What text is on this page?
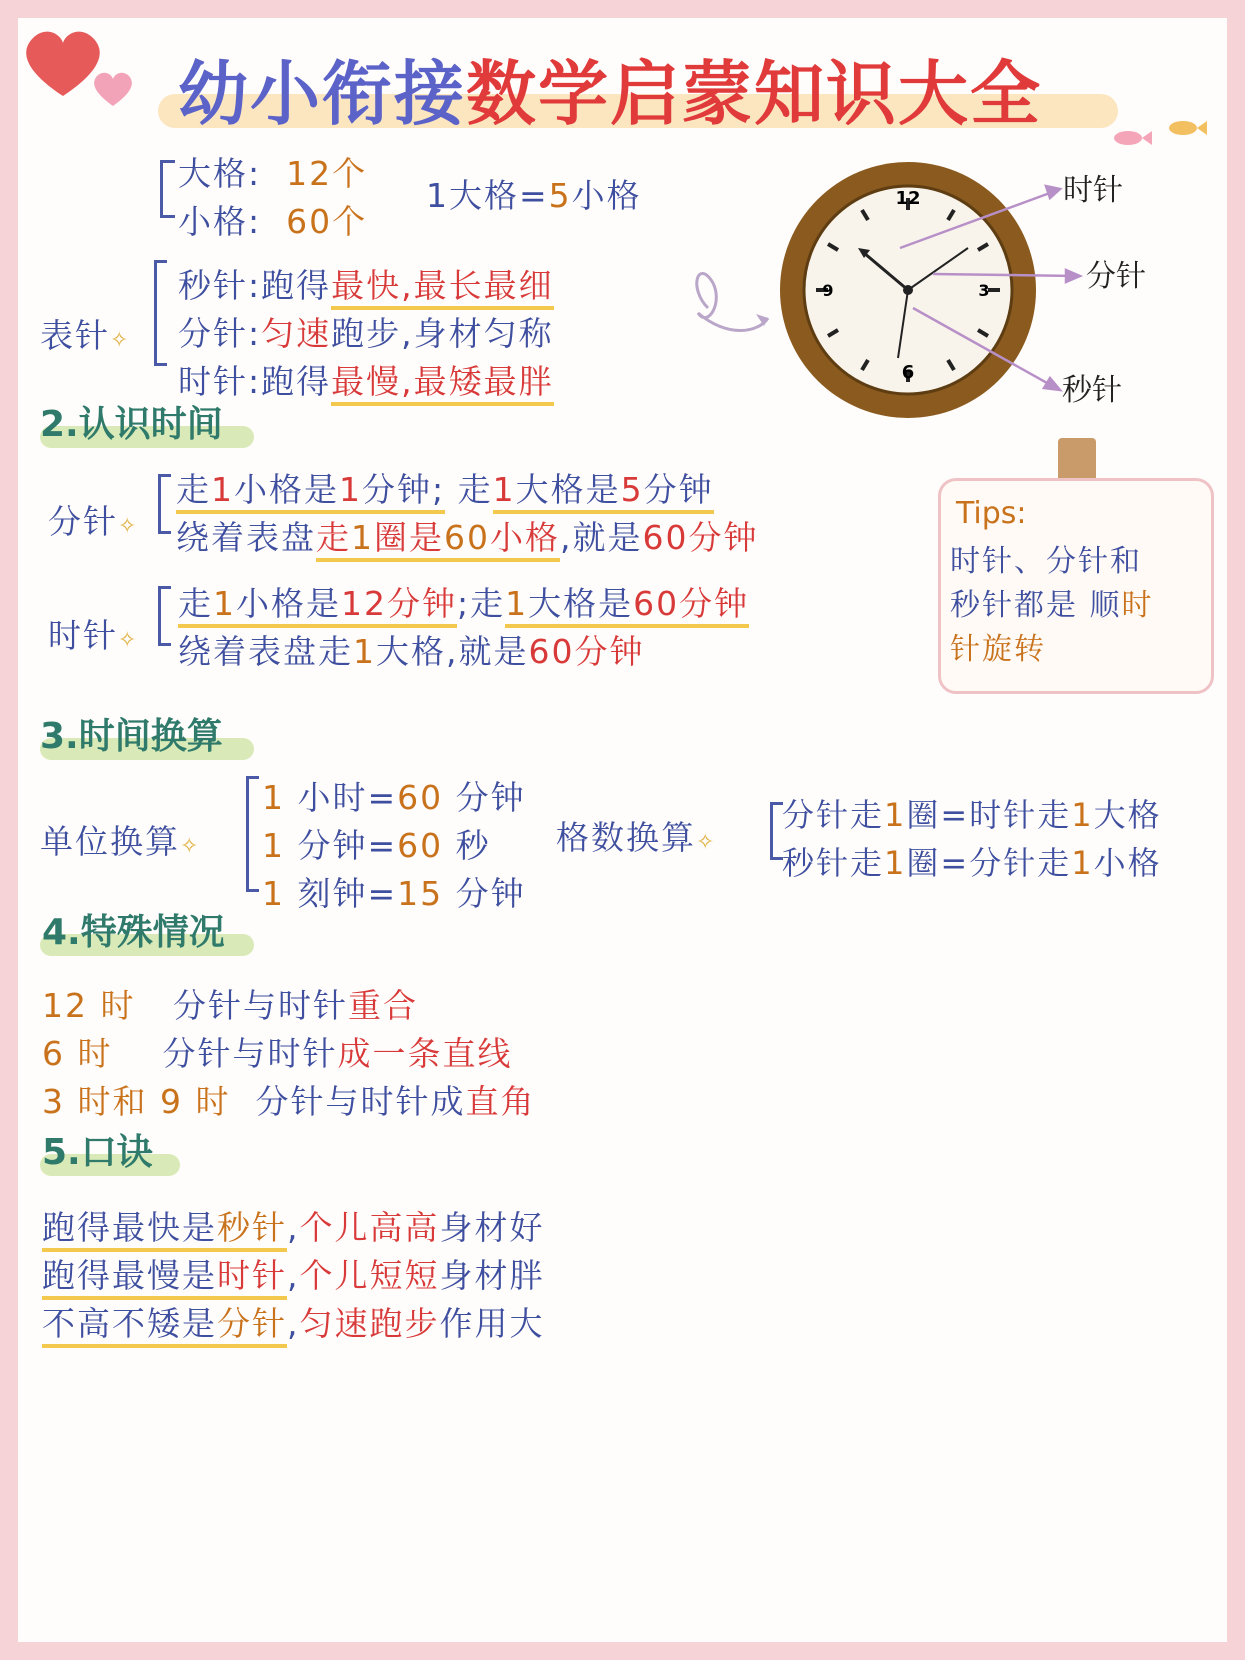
幼小衔接数学启蒙知识大全
大格: 12个
小格: 60个
1大格=5小格
表针✧
秒针:跑得最快,最长最细
分针:匀速跑步,身材匀称
时针:跑得最慢,最矮最胖
12
3
6
9
时针
分针
秒针
2.认识时间
分针✧
走1小格是1分钟; 走1大格是5分钟
绕着表盘走1圈是60小格,就是60分钟
时针✧
走1小格是12分钟;走1大格是60分钟
绕着表盘走1大格,就是60分钟
Tips:
时针、分针和
秒针都是 顺时
针旋转
3.时间换算
单位换算✧
1 小时=60 分钟
1 分钟=60 秒
1 刻钟=15 分钟
格数换算✧
分针走1圈=时针走1大格
秒针走1圈=分针走1小格
4.特殊情况
12 时 分针与时针重合
6 时 分针与时针成一条直线
3 时和 9 时 分针与时针成直角
5.口诀
跑得最快是秒针,个儿高高身材好
跑得最慢是时针,个儿短短身材胖
不高不矮是分针,匀速跑步作用大
